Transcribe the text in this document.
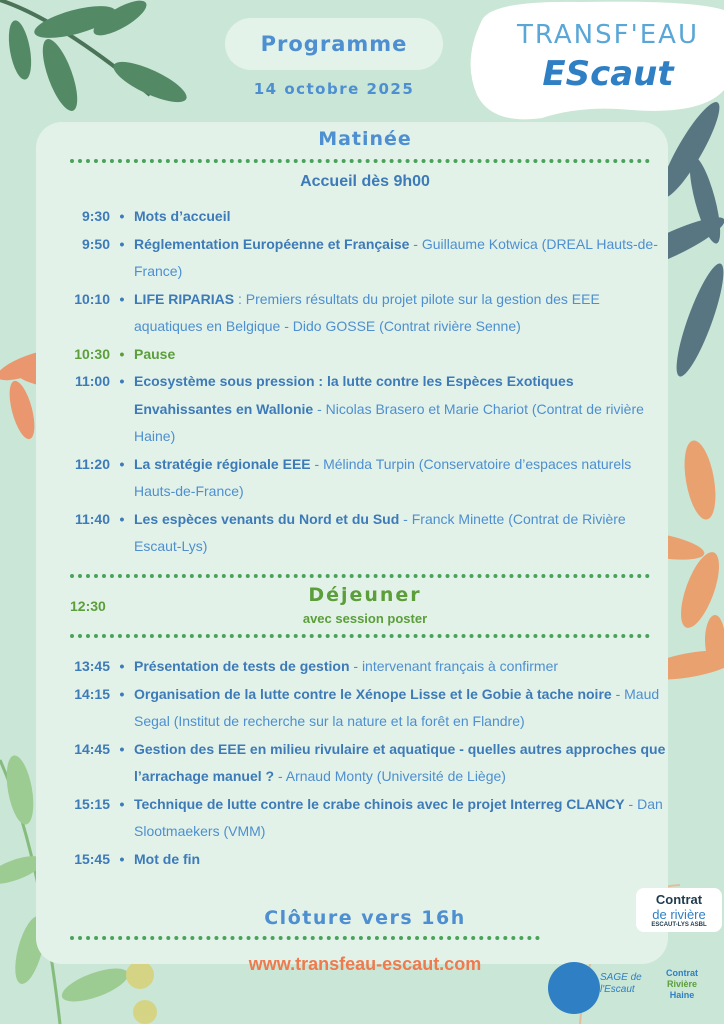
Programme
14 octobre 2025
TRANSF'EAU
EScaut
Matinée
Accueil dès 9h00
9:30 • Mots d’accueil
9:50 • Réglementation Européenne et Française - Guillaume Kotwica (DREAL Hauts-de-France)
10:10 • LIFE RIPARIAS : Premiers résultats du projet pilote sur la gestion des EEE aquatiques en Belgique - Dido GOSSE (Contrat rivière Senne)
10:30 • Pause
11:00 • Ecosystème sous pression : la lutte contre les Espèces Exotiques Envahissantes en Wallonie - Nicolas Brasero et Marie Chariot (Contrat de rivière Haine)
11:20 • La stratégie régionale EEE - Mélinda Turpin (Conservatoire d’espaces naturels Hauts-de-France)
11:40 • Les espèces venants du Nord et du Sud - Franck Minette (Contrat de Rivière Escaut-Lys)
12:30	Déjeuner
avec session poster
13:45 • Présentation de tests de gestion - intervenant français à confirmer
14:15 • Organisation de la lutte contre le Xénope Lisse et le Gobie à tache noire - Maud Segal (Institut de recherche sur la nature et la forêt en Flandre)
14:45 • Gestion des EEE en milieu rivulaire et aquatique - quelles autres approches que l’arrachage manuel ? - Arnaud Monty (Université de Liège)
15:15 • Technique de lutte contre le crabe chinois avec le projet Interreg CLANCY - Dan Slootmaekers (VMM)
15:45 • Mot de fin
Clôture vers 16h
www.transfeau-escaut.com
Contrat
de rivière
ESCAUT-LYS ASBL
SAGE de
l'Escaut
Contrat
Rivière
Haine
